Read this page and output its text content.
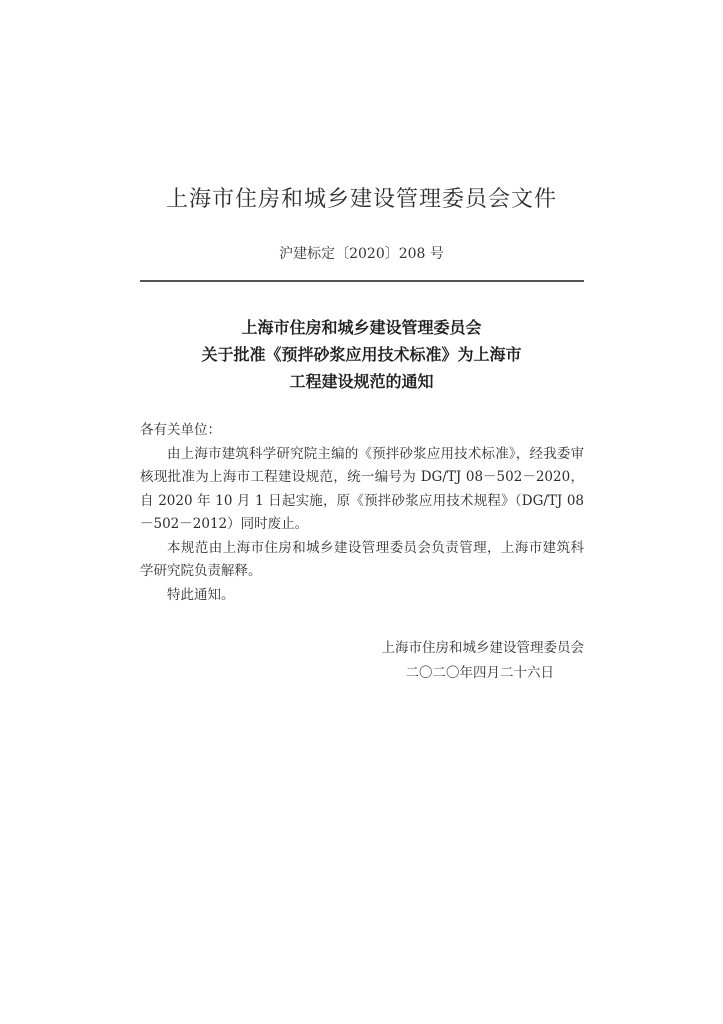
上海市住房和城乡建设管理委员会文件
沪建标定〔2020〕208 号
上海市住房和城乡建设管理委员会
关于批准《预拌砂浆应用技术标准》为上海市
工程建设规范的通知
各有关单位：
由上海市建筑科学研究院主编的《预拌砂浆应用技术标准》，经我委审核现批准为上海市工程建设规范，统一编号为 DG/TJ 08－502－2020，自 2020 年 10 月 1 日起实施，原《预拌砂浆应用技术规程》（DG/TJ 08－502－2012）同时废止。
本规范由上海市住房和城乡建设管理委员会负责管理，上海市建筑科学研究院负责解释。
特此通知。
上海市住房和城乡建设管理委员会
二〇二〇年四月二十六日
